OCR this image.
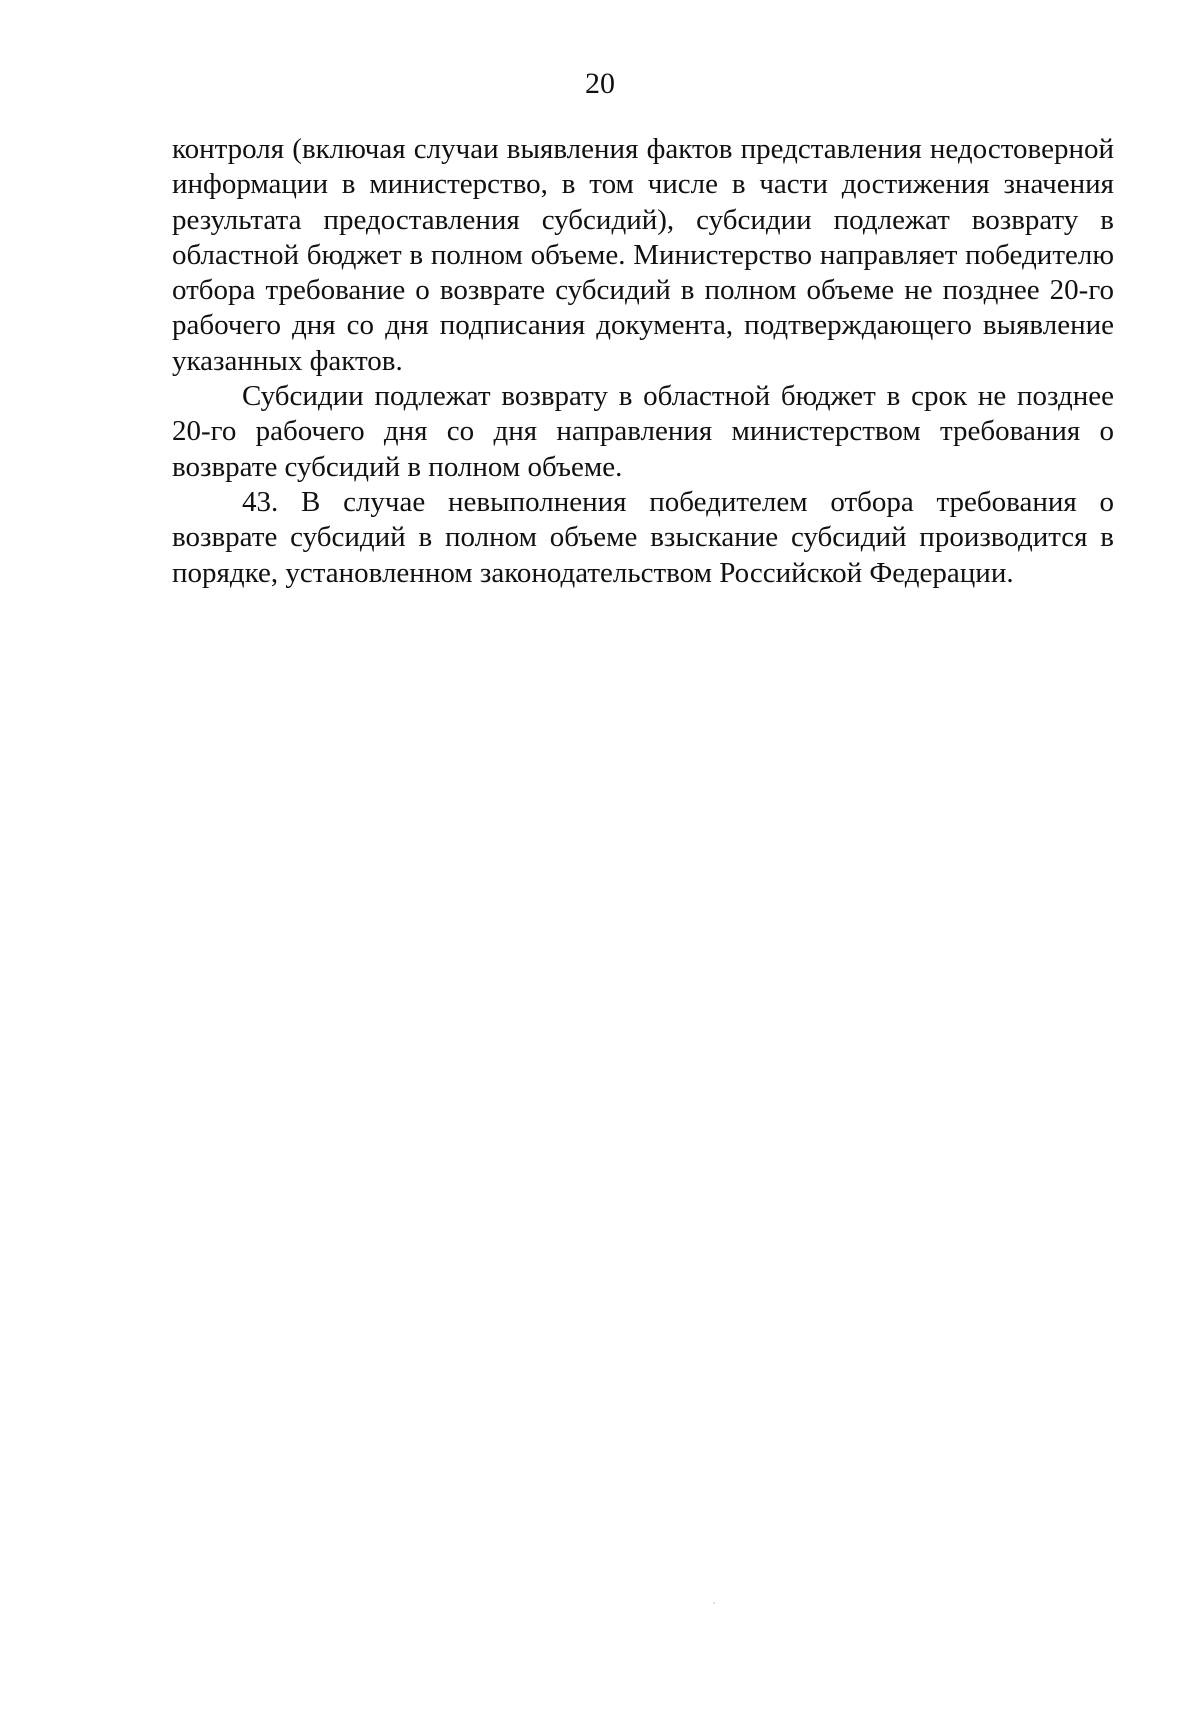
20

контроля (включая случаи выявления фактов представления недостоверной информации в министерство, в том числе в части достижения значения результата предоставления субсидий), субсидии подлежат возврату в областной бюджет в полном объеме. Министерство направляет победителю отбора требование о возврате субсидий в полном объеме не позднее 20-го рабочего дня со дня подписания документа, подтверждающего выявление указанных фактов.

Субсидии подлежат возврату в областной бюджет в срок не позднее 20-го рабочего дня со дня направления министерством требования о возврате субсидий в полном объеме.

43. В случае невыполнения победителем отбора требования о возврате субсидий в полном объеме взыскание субсидий производится в порядке, установленном законодательством Российской Федерации.
